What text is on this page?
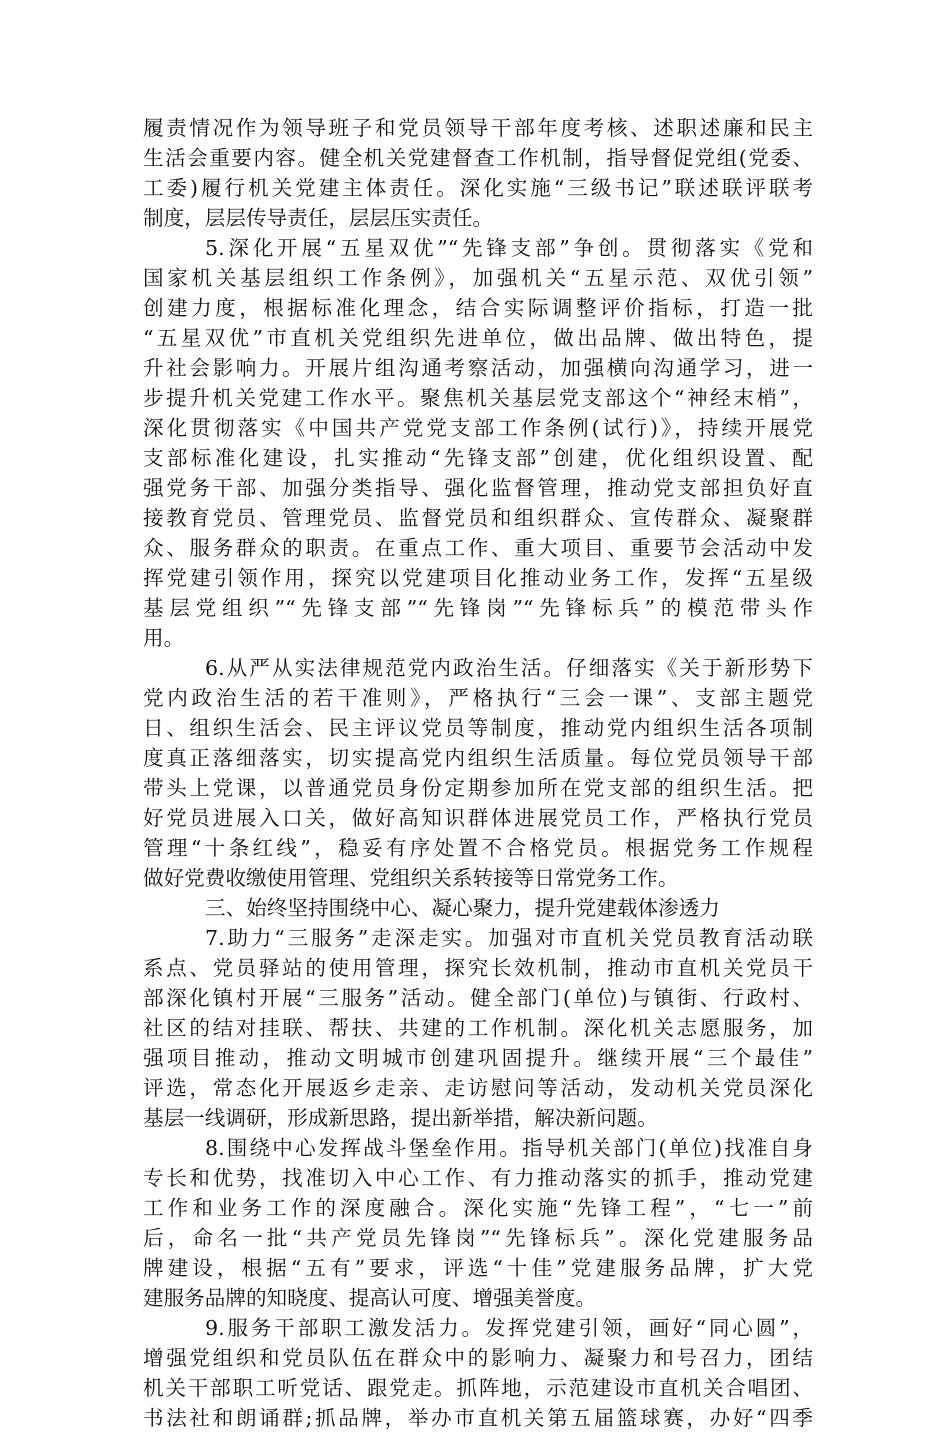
履责情况作为领导班子和党员领导干部年度考核、述职述廉和民主
生活会重要内容。健全机关党建督查工作机制，指导督促党组(党委、
工委)履行机关党建主体责任。深化实施“三级书记”联述联评联考
制度，层层传导责任，层层压实责任。
5.深化开展“五星双优”“先锋支部”争创。贯彻落实《党和
国家机关基层组织工作条例》，加强机关“五星示范、双优引领”
创建力度，根据标准化理念，结合实际调整评价指标，打造一批
“五星双优”市直机关党组织先进单位，做出品牌、做出特色，提
升社会影响力。开展片组沟通考察活动，加强横向沟通学习，进一
步提升机关党建工作水平。聚焦机关基层党支部这个“神经末梢”，
深化贯彻落实《中国共产党党支部工作条例(试行)》，持续开展党
支部标准化建设，扎实推动“先锋支部”创建，优化组织设置、配
强党务干部、加强分类指导、强化监督管理，推动党支部担负好直
接教育党员、管理党员、监督党员和组织群众、宣传群众、凝聚群
众、服务群众的职责。在重点工作、重大项目、重要节会活动中发
挥党建引领作用，探究以党建项目化推动业务工作，发挥“五星级
基层党组织”“先锋支部”“先锋岗”“先锋标兵”的模范带头作
用。
6.从严从实法律规范党内政治生活。仔细落实《关于新形势下
党内政治生活的若干准则》，严格执行“三会一课”、支部主题党
日、组织生活会、民主评议党员等制度，推动党内组织生活各项制
度真正落细落实，切实提高党内组织生活质量。每位党员领导干部
带头上党课，以普通党员身份定期参加所在党支部的组织生活。把
好党员进展入口关，做好高知识群体进展党员工作，严格执行党员
管理“十条红线”，稳妥有序处置不合格党员。根据党务工作规程
做好党费收缴使用管理、党组织关系转接等日常党务工作。
三、始终坚持围绕中心、凝心聚力，提升党建载体渗透力
7.助力“三服务”走深走实。加强对市直机关党员教育活动联
系点、党员驿站的使用管理，探究长效机制，推动市直机关党员干
部深化镇村开展“三服务”活动。健全部门(单位)与镇街、行政村、
社区的结对挂联、帮扶、共建的工作机制。深化机关志愿服务，加
强项目推动，推动文明城市创建巩固提升。继续开展“三个最佳”
评选，常态化开展返乡走亲、走访慰问等活动，发动机关党员深化
基层一线调研，形成新思路，提出新举措，解决新问题。
8.围绕中心发挥战斗堡垒作用。指导机关部门(单位)找准自身
专长和优势，找准切入中心工作、有力推动落实的抓手，推动党建
工作和业务工作的深度融合。深化实施“先锋工程”，“七一”前
后，命名一批“共产党员先锋岗”“先锋标兵”。深化党建服务品
牌建设，根据“五有”要求，评选“十佳”党建服务品牌，扩大党
建服务品牌的知晓度、提高认可度、增强美誉度。
9.服务干部职工激发活力。发挥党建引领，画好“同心圆”，
增强党组织和党员队伍在群众中的影响力、凝聚力和号召力，团结
机关干部职工听党话、跟党走。抓阵地，示范建设市直机关合唱团、
书法社和朗诵群;抓品牌，举办市直机关第五届篮球赛，办好“四季
